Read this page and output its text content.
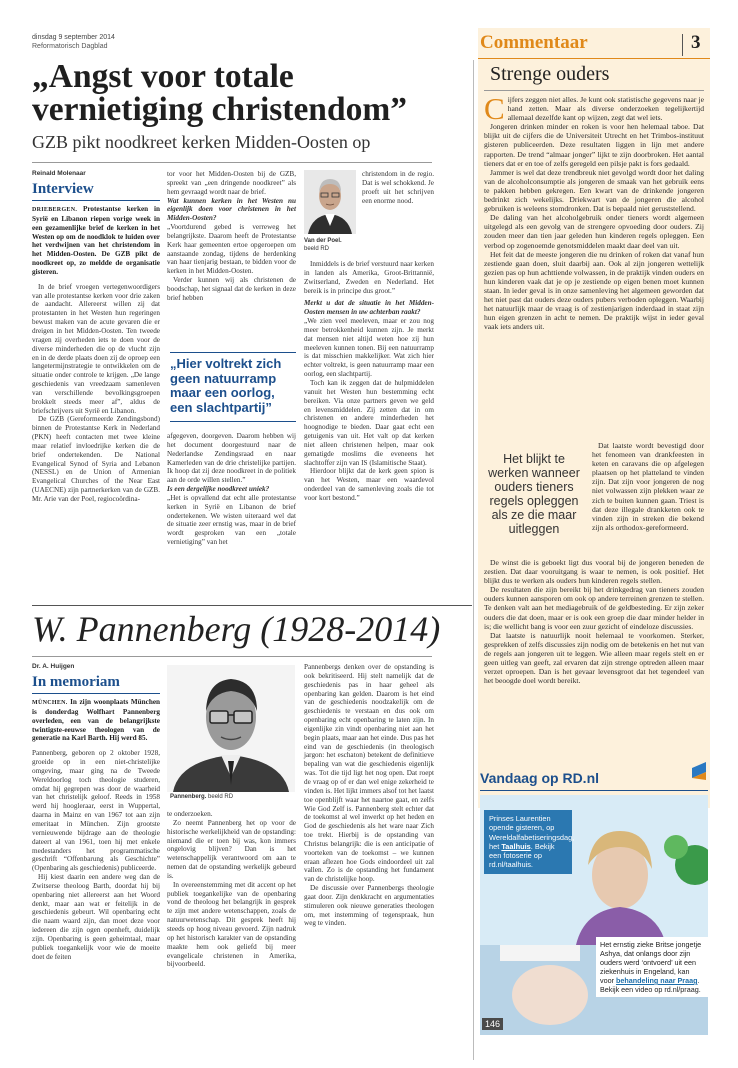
dinsdag 9 september 2014
Reformatorisch Dagblad	Commentaar	3
„Angst voor totale vernietiging christendom”
GZB pikt noodkreet kerken Midden-Oosten op
Reinald Molenaar
Interview

DRIEBERGEN. Protestantse kerken in Syrië en Libanon riepen vorige week in een gezamenlijke brief de kerken in het Westen op om de noodklok te luiden over het verdwijnen van het christendom in het Midden-Oosten. De GZB pikt de noodkreet op, zo meldde de organisatie gisteren.

In de brief vroegen vertegenwoordigers van alle protestantse kerken voor drie zaken de aandacht. Allereerst willen zij dat protestanten in het Westen hun regeringen bewust maken van de acute gevaren die er dreigen in het Midden-Oosten. Ten tweede vragen zij overheden iets te doen voor de diverse minderheden die op de vlucht zijn en in de derde plaats doen zij de oproep een langetermijnstrategie te ontwikkelen om de situatie onder controle te krijgen. „De lange geschiedenis van vreedzaam samenleven van verschillende bevolkingsgroepen brokkelt steeds meer af”, aldus de briefschrijvers uit Syrië en Libanon.

De GZB (Gereformeerde Zendingsbond) binnen de Protestantse Kerk in Nederland (PKN) heeft contacten met twee kleine maar relatief invloedrijke kerken die de brief ondertekenden. De National Evangelical Synod of Syria and Lebanon (NESSL) en de Union of Armenian Evangelical Churches of the Near East (UAECNE) zijn partnerkerken van de GZB. Mr. Arie van der Poel, regiocoördina-

tor voor het Midden-Oosten bij de GZB, spreekt van „een dringende noodkreet” als hem gevraagd wordt naar de brief.

Wat kunnen kerken in het Westen nu eigenlijk doen voor christenen in het Midden-Oosten?

„Voortdurend gebed is verreweg het belangrijkste. Daarom heeft de Protestantse Kerk haar gemeenten ertoe opgeroepen om aanstaande zondag, tijdens de herdenking van haar tienjarig bestaan, te bidden voor de kerken in het Midden-Oosten.

Verder kunnen wij als christenen de boodschap, het signaal dat de kerken in deze brief hebben

„Hier voltrekt zich geen natuurramp maar een oorlog, een slachtpartij”

afgegeven, doorgeven. Daarom hebben wij het document doorgestuurd naar de Nederlandse Zendingsraad en naar Kamerleden van de drie christelijke partijen. Ik hoop dat zij deze noodkreet in de politiek aan de orde willen stellen.”

Is een dergelijke noodkreet uniek?

„Het is opvallend dat echt alle protestantse kerken in Syrië en Libanon de brief ondertekenen. We wisten uiteraard wel dat de situatie zeer ernstig was, maar in de brief wordt gesproken van een „totale vernietiging” van het

Van der Poel.
beeld RD

christendom in de regio. Dat is wel schokkend. Je proeft uit het schrijven een enorme nood.

Inmiddels is de brief verstuurd naar kerken in landen als Amerika, Groot-Brittannië, Zwitserland, Zweden en Nederland. Het bereik is in principe dus groot.”

Merkt u dat de situatie in het Midden-Oosten mensen in uw achterban raakt?

„We zien veel meeleven, maar er zou nog meer betrokkenheid kunnen zijn. Je merkt dat mensen niet altijd weten hoe zij hun meeleven kunnen tonen. Bij een natuurramp is dat misschien makkelijker. Wat zich hier echter voltrekt, is geen natuurramp maar een oorlog, een slachtpartij.

Toch kan ik zeggen dat de hulpmiddelen vanuit het Westen hun bestemming echt bereiken. Via onze partners geven we geld en levensmiddelen. Zij zetten dat in om christenen en andere minderheden het hoognodige te bieden. Daar gaat echt een getuigenis van uit. Het valt op dat kerken niet alleen christenen helpen, maar ook gematigde moslims die eveneens het slachtoffer zijn van IS (Islamitische Staat).

Hierdoor blijkt dat de kerk geen spion is van het Westen, maar een waardevol onderdeel van de samenleving zoals die tot voor kort bestond.”

W. Pannenberg (1928-2014)
Dr. A. Huijgen
In memoriam

MÜNCHEN. In zijn woonplaats München is donderdag Wolfhart Pannenberg overleden, een van de belangrijkste twintigste-eeuwse theologen van de generatie na Karl Barth. Hij werd 85.

Pannenberg, geboren op 2 oktober 1928, groeide op in een niet-christelijke omgeving, maar ging na de Tweede Wereldoorlog toch theologie studeren, omdat hij gegrepen was door de waarheid van het christelijk geloof. Reeds in 1958 werd hij hoogleraar, eerst in Wuppertal, daarna in Mainz en van 1967 tot aan zijn emeritaat in München. Zijn grootste vernieuwende bijdrage aan de theologie dateert al van 1961, toen hij met enkele medestanders het programmatische geschrift “Offenbarung als Geschichte” (Openbaring als geschiedenis) publiceerde.

Hij kiest daarin een andere weg dan de Zwitserse theoloog Barth, doordat hij bij openbaring niet allereerst aan het Woord denkt, maar aan wat er feitelijk in de geschiedenis gebeurt. Wil openbaring echt die naam waard zijn, dan moet deze voor iedereen die zijn ogen openheft, duidelijk zijn. Openbaring is geen geheimtaal, maar publiek toegankelijk voor wie de moeite doet de feiten

Pannenberg. beeld RD

te onderzoeken.

Zo neemt Pannenberg het op voor de historische werkelijkheid van de opstanding: niemand die er toen bij was, kon immers ongelovig blijven? Dan is het wetenschappelijk verantwoord om aan te nemen dat de opstanding werkelijk gebeurd is.

In overeenstemming met dit accent op het publiek toegankelijke van de openbaring vond de theoloog het belangrijk in gesprek te zijn met andere wetenschappen, zoals de natuurwetenschap. Dit gesprek heeft hij steeds op hoog niveau gevoerd. Zijn nadruk op het historisch karakter van de opstanding maakte hem ook geliefd bij meer evangelicale christenen in Amerika, bijvoorbeeld.

Pannenbergs denken over de opstanding is ook bekritiseerd. Hij stelt namelijk dat de geschiedenis pas in haar geheel als openbaring kan gelden. Daarom is het eind van de geschiedenis noodzakelijk om de geschiedenis te verstaan en dus ook om openbaring echt openbaring te laten zijn. In eigenlijke zin vindt openbaring niet aan het begin plaats, maar aan het einde. Dus pas het eind van de geschiedenis (in theologisch jargon: het eschaton) betekent de definitieve bepaling van wat die geschiedenis eigenlijk was. Tot die tijd ligt het nog open. Dat roept de vraag op of er dan wel enige zekerheid te vinden is. Het lijkt immers alsof tot het laatst toe openblijft waar het naartoe gaat, en zelfs Wie God Zelf is. Pannenberg stelt echter dat de toekomst al wel inwerkt op het heden en God de geschiedenis als het ware naar Zich toe trekt. Hierbij is de opstanding van Christus belangrijk: die is een anticipatie of voorteken van de toekomst – we kunnen eraan aflezen hoe Gods eindoordeel uit zal vallen. Zo is de opstanding het fundament van de christelijke hoop.

De discussie over Pannenbergs theologie gaat door. Zijn denkkracht en argumentaties stimuleren ook nieuwe generaties theologen om, met instemming of tegenspraak, hun weg te vinden.

Strenge ouders

Cijfers zeggen niet alles. Je kunt ook statistische gegevens naar je hand zetten. Maar als diverse onderzoeken tegelijkertijd allemaal dezelfde kant op wijzen, zegt dat wel iets.

Jongeren drinken minder en roken is voor hen helemaal taboe. Dat blijkt uit de cijfers die de Universiteit Utrecht en het Trimbos-instituut gisteren publiceerden. Deze resultaten liggen in lijn met andere rapporten. De trend “almaar jonger” lijkt te zijn doorbroken. Het aantal tieners dat er en toe of zelfs geregeld een pilsje pakt is fors gedaald.

Jammer is wel dat deze trendbreuk niet gevolgd wordt door het daling van de alcoholconsumptie als jongeren de smaak van het gebruik eens te pakken hebben gekregen. Een kwart van de drinkende jongeren bedrinkt zich wekelijks. Driekwart van de jongeren die alcohol gebruiken is weleens stomdronken. Dat is bepaald niet geruststellend.

De daling van het alcoholgebruik onder tieners wordt algemeen uitgelegd als een gevolg van de strengere opvoeding door ouders. Zij zouden meer dan tien jaar geleden hun kinderen regels opleggen. Een verbod op zogenoemde genotsmiddelen maakt daar deel van uit.

Het feit dat de meeste jongeren die nu drinken of roken dat vanaf hun zestiende gaan doen, sluit daarbij aan. Ook al zijn jongeren wettelijk gezien pas op hun achttiende volwassen, in de praktijk vinden ouders en hun kinderen vaak dat je op je zestiende op eigen benen moet kunnen staan. In ieder geval is in onze samenleving het algemeen geworden dat het niet past dat ouders deze ouders pubers verboden opleggen. Waarbij het natuurlijk maar de vraag is of zestienjarigen inderdaad in staat zijn hun eigen grenzen in acht te nemen. De praktijk wijst in ieder geval vaak iets anders uit.

Het blijkt te werken wanneer ouders tieners regels opleggen als ze die maar uitleggen

Dat laatste wordt bevestigd door het fenomeen van drankfeesten in keten en caravans die op afgelegen plaatsen op het platteland te vinden zijn. Dat zijn voor jongeren de nog niet volwassen zijn plekken waar ze zich te buiten kunnen gaan. Triest is dat deze illegale drankketen ook te vinden zijn in streken die bekend zijn als orthodox-gereformeerd.

De winst die is geboekt ligt dus vooral bij de jongeren beneden de zestien. Dat daar vooruitgang is waar te nemen, is ook positief. Het blijkt dus te werken als ouders hun kinderen regels stellen.

De resultaten die zijn bereikt bij het drinkgedrag van tieners zouden ouders kunnen aansporen om ook op andere terreinen grenzen te stellen. Te denken valt aan het mediagebruik of de geldbesteding. Er zijn zeker ouders die dat doen, maar er is ook een groep die daar minder helder in is; die wellicht bang is voor een zuur gezicht of eindeloze discussies.

Dat laatste is natuurlijk nooit helemaal te voorkomen. Sterker, gesprekken of zelfs discussies zijn nodig om de betekenis en het nut van de regels aan jongeren uit te leggen. Wie alleen maar regels stelt en er geen uitleg van geeft, zal ervaren dat zijn strenge optreden alleen maar verzet oproepen. Dan is het gevaar levensgroot dat het tegendeel van het beoogde doel wordt bereikt.

Vandaag op RD.nl
Prinses Laurentien opende gisteren, op Wereldalfabetiseringsdag, het Taalhuis. Bekijk een fotoserie op rd.nl/taalhuis.
Het ernstig zieke Britse jongetje Ashya, dat onlangs door zijn ouders werd ‘ontvoerd’ uit een ziekenhuis in Engeland, kan voor behandeling naar Praag. Bekijk een video op rd.nl/praag.
146
